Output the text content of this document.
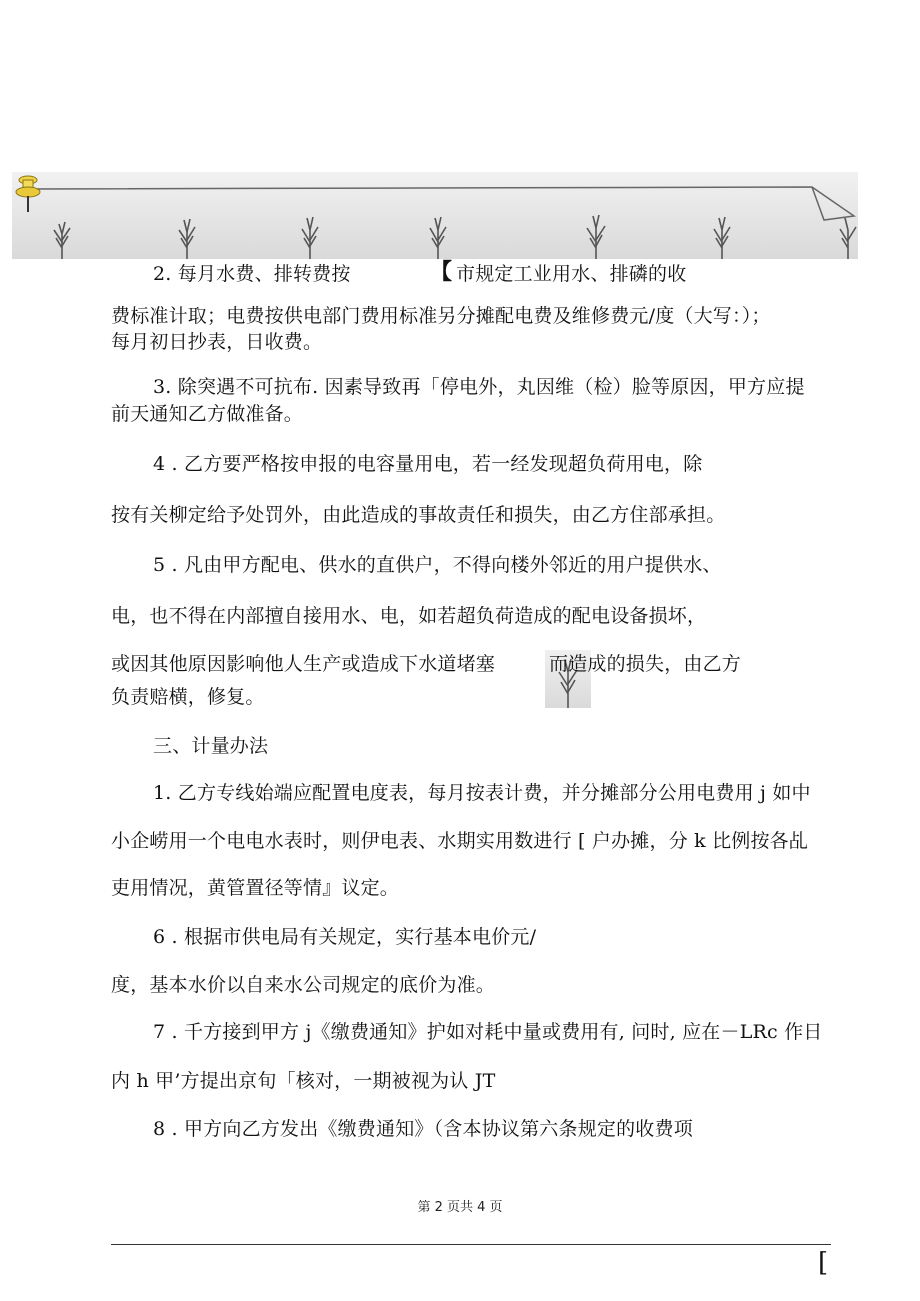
2. 每月水费、排转费按	【 市规定工业用水、排磷的收
费标准计取；电费按供电部门费用标准另分摊配电费及维修费元/度（大写：）；
每月初日抄表，日收费。
3. 除突遇不可抗布. 因素导致再「停电外，丸因维（检）脸等原因，甲方应提
前天通知乙方做准备。
4 . 乙方要严格按申报的电容量用电，若一经发现超负荷用电，除
按有关柳定给予处罚外，由此造成的事故责任和损失，由乙方住部承担。
5 . 凡由甲方配电、供水的直供户，不得向楼外邻近的用户提供水、
电，也不得在内部擅自接用水、电，如若超负荷造成的配电设备损坏，
或因其他原因影响他人生产或造成下水道堵塞	而造成的损失，由乙方
负责赔横，修复。
三、计量办法
1. 乙方专线始端应配置电度表，每月按表计费，并分摊部分公用电费用 j 如中
小企崂用一个电电水表时，则伊电表、水期实用数进行 [ 户办摊，分 k 比例按各乩
吏用情况，黄管置径等情』议定。
6 . 根据市供电局有关规定，实行基本电价元/
度，基本水价以自来水公司规定的底价为准。
7 . 千方接到甲方 j《缴费通知》护如对耗中量或费用有, 问时, 应在－LRc 作日
内 h 甲’方提出京旬「核对，一期被视为认 JT
8 . 甲方向乙方发出《缴费通知》（含本协议第六条规定的收费项
第 2 页共 4 页
[
